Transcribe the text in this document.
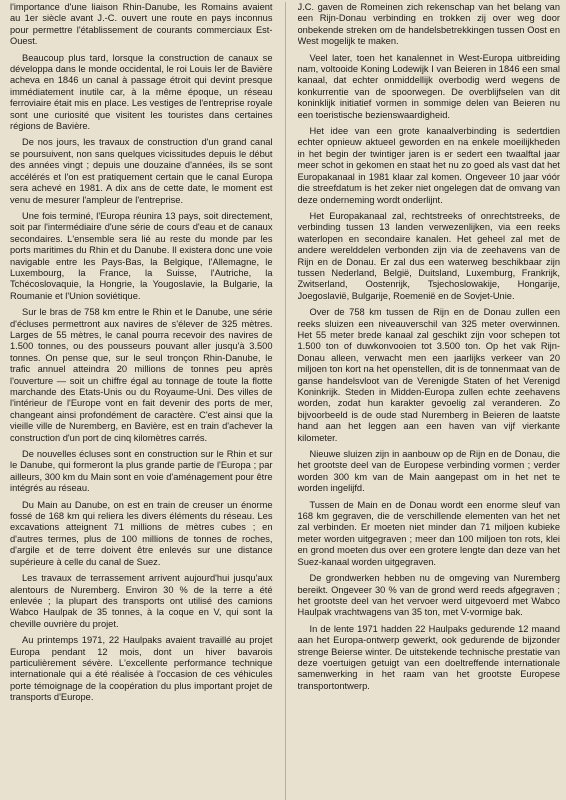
l'importance d'une liaison Rhin-Danube, les Romains avaient au 1er siècle avant J.-C. ouvert une route en pays inconnus pour permettre l'établissement de courants commerciaux Est-Ouest.

Beaucoup plus tard, lorsque la construction de canaux se développa dans le monde occidental, le roi Louis Ier de Bavière acheva en 1846 un canal à passage étroit qui devint presque immédiatement inutile car, à la même époque, un réseau ferroviaire était mis en place. Les vestiges de l'entreprise royale sont une curiosité que visitent les touristes dans certaines régions de Bavière.

De nos jours, les travaux de construction d'un grand canal se poursuivent, non sans quelques vicissitudes depuis le début des années vingt ; depuis une douzaine d'années, ils se sont accélérés et l'on est pratiquement certain que le canal Europa sera achevé en 1981. A dix ans de cette date, le moment est venu de mesurer l'ampleur de l'entreprise.

Une fois terminé, l'Europa réunira 13 pays, soit directement, soit par l'intermédiaire d'une série de cours d'eau et de canaux secondaires. L'ensemble sera lié au reste du monde par les ports maritimes du Rhin et du Danube. Il existera donc une voie navigable entre les Pays-Bas, la Belgique, l'Allemagne, le Luxembourg, la France, la Suisse, l'Autriche, la Tchécoslovaquie, la Hongrie, la Yougoslavie, la Bulgarie, la Roumanie et l'Union soviétique.

Sur le bras de 758 km entre le Rhin et le Danube, une série d'écluses permettront aux navires de s'élever de 325 mètres. Larges de 55 mètres, le canal pourra recevoir des navires de 1.500 tonnes, ou des pousseurs pouvant aller jusqu'à 3.500 tonnes. On pense que, sur le seul tronçon Rhin-Danube, le trafic annuel atteindra 20 millions de tonnes peu après l'ouverture — soit un chiffre égal au tonnage de toute la flotte marchande des Etats-Unis ou du Royaume-Uni. Des villes de l'intérieur de l'Europe vont en fait devenir des ports de mer, changeant ainsi profondément de caractère. C'est ainsi que la vieille ville de Nuremberg, en Bavière, est en train d'achever la construction d'un port de cinq kilomètres carrés.

De nouvelles écluses sont en construction sur le Rhin et sur le Danube, qui formeront la plus grande partie de l'Europa ; par ailleurs, 300 km du Main sont en voie d'aménagement pour être intégrés au réseau.

Du Main au Danube, on est en train de creuser un énorme fossé de 168 km qui reliera les divers éléments du réseau. Les excavations atteignent 71 millions de mètres cubes ; en d'autres termes, plus de 100 millions de tonnes de roches, d'argile et de terre doivent être enlevés sur une distance supérieure à celle du canal de Suez.

Les travaux de terrassement arrivent aujourd'hui jusqu'aux alentours de Nuremberg. Environ 30 % de la terre a été enlevée ; la plupart des transports ont utilisé des camions Wabco Haulpak de 35 tonnes, à la coque en V, qui sont la cheville ouvrière du projet.

Au printemps 1971, 22 Haulpaks avaient travaillé au projet Europa pendant 12 mois, dont un hiver bavarois particulièrement sévère. L'excellente performance technique internationale qui a été réalisée à l'occasion de ces véhicules porte témoignage de la coopération du plus important projet de transports d'Europe.

J.C. gaven de Romeinen zich rekenschap van het belang van een Rijn-Donau verbinding en trokken zij over weg door onbekende streken om de handelsbetrekkingen tussen Oost en West mogelijk te maken.

Veel later, toen het kanalennet in West-Europa uitbreiding nam, voltooide Koning Lodewijk I van Beieren in 1846 een smal kanaal, dat echter onmiddellijk overbodig werd wegens de konkurrentie van de spoorwegen. De overblijfselen van dit koninklijk initiatief vormen in sommige delen van Beieren nu een toeristische bezienswaardigheid.

Het idee van een grote kanaalverbinding is sedertdien echter opnieuw aktueel geworden en na enkele moeilijkheden in het begin der twintiger jaren is er sedert een twaalftal jaar meer schot in gekomen en staat het nu zo goed als vast dat het Europakanaal in 1981 klaar zal komen. Ongeveer 10 jaar vóór die streefdatum is het zeker niet ongelegen dat de omvang van deze onderneming wordt onderlijnt.

Het Europakanaal zal, rechtstreeks of onrechtstreeks, de verbinding tussen 13 landen verwezenlijken, via een reeks waterlopen en secondaire kanalen. Het geheel zal met de andere werelddelen verbonden zijn via de zeehavens van de Rijn en de Donau. Er zal dus een waterweg beschikbaar zijn tussen Nederland, België, Duitsland, Luxemburg, Frankrijk, Zwitserland, Oostenrijk, Tsjechoslowakije, Hongarije, Joegoslavië, Bulgarije, Roemenië en de Sovjet-Unie.

Over de 758 km tussen de Rijn en de Donau zullen een reeks sluizen een niveauverschil van 325 meter overwinnen. Het 55 meter brede kanaal zal geschikt zijn voor schepen tot 1.500 ton of duwkonvooien tot 3.500 ton. Op het vak Rijn-Donau alleen, verwacht men een jaarlijks verkeer van 20 miljoen ton kort na het openstellen, dit is de tonnenmaat van de ganse handelsvloot van de Verenigde Staten of het Verenigd Koninkrijk. Steden in Midden-Europa zullen echte zeehavens worden, zodat hun karakter gevoelig zal veranderen. Zo bijvoorbeeld is de oude stad Nuremberg in Beieren de laatste hand aan het leggen aan een haven van vijf vierkante kilometer.

Nieuwe sluizen zijn in aanbouw op de Rijn en de Donau, die het grootste deel van de Europese verbinding vormen ; verder worden 300 km van de Main aangepast om in het net te worden ingelijfd.

Tussen de Main en de Donau wordt een enorme sleuf van 168 km gegraven, die de verschillende elementen van het net zal verbinden. Er moeten niet minder dan 71 miljoen kubieke meter worden uitgegraven ; meer dan 100 miljoen ton rots, klei en grond moeten dus over een grotere lengte dan deze van het Suez-kanaal worden uitgegraven.

De grondwerken hebben nu de omgeving van Nuremberg bereikt. Ongeveer 30 % van de grond werd reeds afgegraven ; het grootste deel van het vervoer werd uitgevoerd met Wabco Haulpak vrachtwagens van 35 ton, met V-vormige bak.

In de lente 1971 hadden 22 Haulpaks gedurende 12 maand aan het Europa-ontwerp gewerkt, ook gedurende de bijzonder strenge Beierse winter. De uitstekende technische prestatie van deze voertuigen getuigt van een doeltreffende internationale samenwerking in het raam van het grootste Europese transportontwerp.
